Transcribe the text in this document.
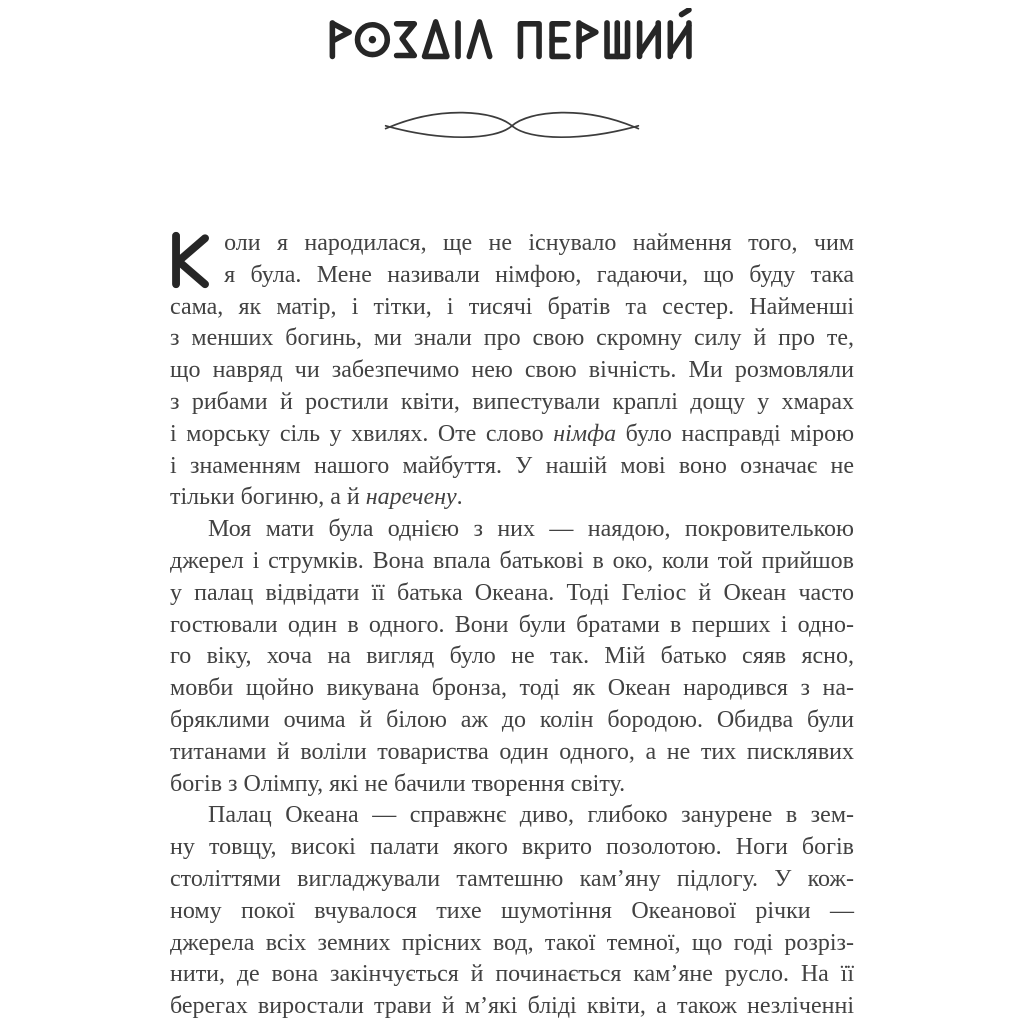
оли я народилася, ще не існувало наймення того, чим
я була. Мене називали німфою, гадаючи, що буду така
сама, як матір, і тітки, і тисячі братів та сестер. Найменші
з менших богинь, ми знали про свою скромну силу й про те,
що навряд чи забезпечимо нею свою вічність. Ми розмовляли
з рибами й ростили квіти, випестували краплі дощу у хмарах
і морську сіль у хвилях. Оте слово німфа було насправді мірою
і знаменням нашого майбуття. У нашій мові воно означає не
тільки богиню, а й наречену.
Моя мати була однією з них — наядою, покровителькою
джерел і струмків. Вона впала батькові в око, коли той прийшов
у палац відвідати її батька Океана. Тоді Геліос й Океан часто
гостювали один в одного. Вони були братами в перших і одно-
го віку, хоча на вигляд було не так. Мій батько сяяв ясно,
мовби щойно викувана бронза, тоді як Океан народився з на-
бряклими очима й білою аж до колін бородою. Обидва були
титанами й воліли товариства один одного, а не тих писклявих
богів з Олімпу, які не бачили творення світу.
Палац Океана — справжнє диво, глибоко занурене в зем-
ну товщу, високі палати якого вкрито позолотою. Ноги богів
століттями вигладжували тамтешню кам’яну підлогу. У кож-
ному покої вчувалося тихе шумотіння Океанової річки —
джерела всіх земних прісних вод, такої темної, що годі розріз-
нити, де вона закінчується й починається кам’яне русло. На її
берегах виростали трави й м’які бліді квіти, а також незліченні
